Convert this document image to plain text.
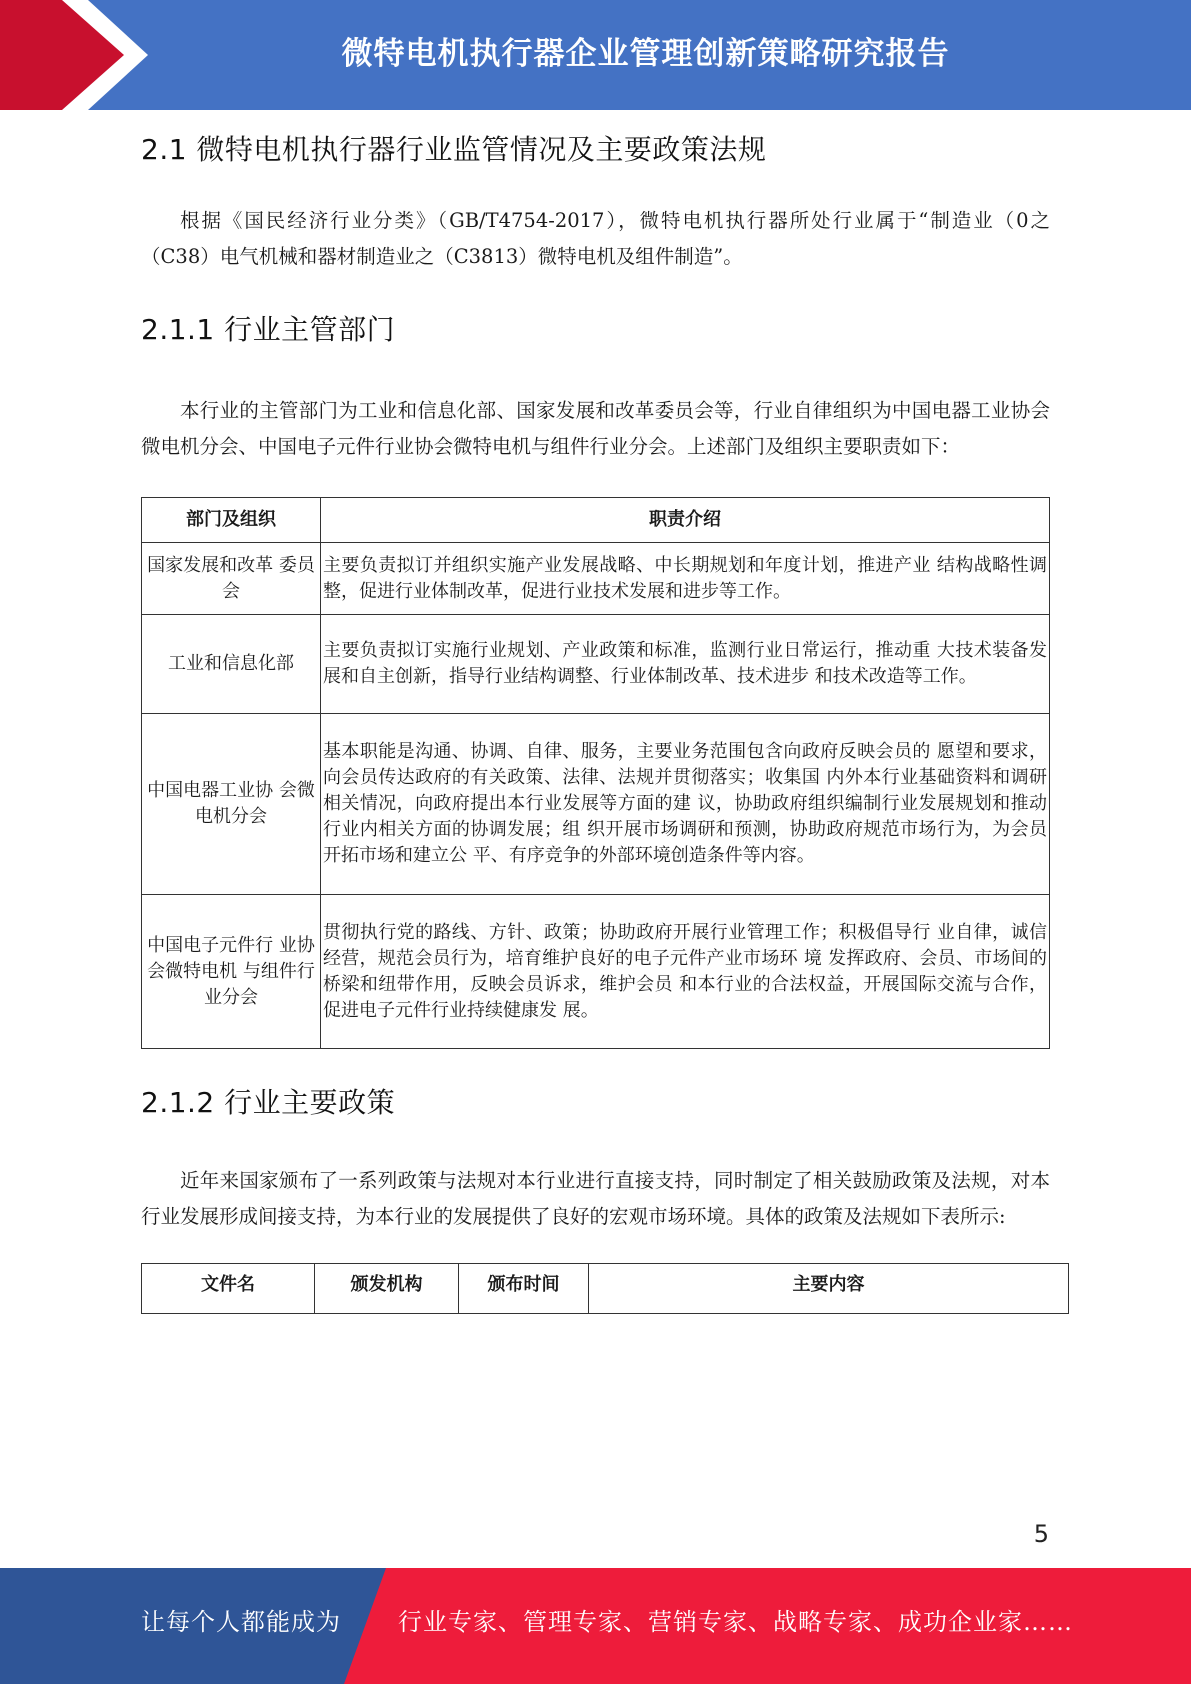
微特电机执行器企业管理创新策略研究报告
2.1 微特电机执行器行业监管情况及主要政策法规

根据《国民经济行业分类》（GB/T4754-2017），微特电机执行器所处行业属于“制造业（0之（C38）电气机械和器材制造业之（C3813）微特电机及组件制造”。

2.1.1 行业主管部门

本行业的主管部门为工业和信息化部、国家发展和改革委员会等，行业自律组织为中国电器工业协会微电机分会、中国电子元件行业协会微特电机与组件行业分会。上述部门及组织主要职责如下：

部门及组织	职责介绍
国家发展和改革 委员会	主要负责拟订并组织实施产业发展战略、中长期规划和年度计划，推进产业 结构战略性调整，促进行业体制改革，促进行业技术发展和进步等工作。
工业和信息化部	主要负责拟订实施行业规划、产业政策和标准，监测行业日常运行，推动重 大技术装备发展和自主创新，指导行业结构调整、行业体制改革、技术进步 和技术改造等工作。
中国电器工业协 会微电机分会	基本职能是沟通、协调、自律、服务，主要业务范围包含向政府反映会员的 愿望和要求，向会员传达政府的有关政策、法律、法规并贯彻落实；收集国 内外本行业基础资料和调研相关情况，向政府提出本行业发展等方面的建 议，协助政府组织编制行业发展规划和推动行业内相关方面的协调发展；组 织开展市场调研和预测，协助政府规范市场行为，为会员开拓市场和建立公 平、有序竞争的外部环境创造条件等内容。
中国电子元件行 业协会微特电机 与组件行业分会	贯彻执行党的路线、方针、政策；协助政府开展行业管理工作；积极倡导行 业自律，诚信经营，规范会员行为，培育维护良好的电子元件产业市场环 境 发挥政府、会员、市场间的桥梁和纽带作用，反映会员诉求，维护会员 和本行业的合法权益，开展国际交流与合作，促进电子元件行业持续健康发 展。
2.1.2 行业主要政策

近年来国家颁布了一系列政策与法规对本行业进行直接支持，同时制定了相关鼓励政策及法规，对本行业发展形成间接支持，为本行业的发展提供了良好的宏观市场环境。具体的政策及法规如下表所示:

文件名	颁发机构	颁布时间	主要内容
5
让每个人都能成为 行业专家、管理专家、营销专家、战略专家、成功企业家……
